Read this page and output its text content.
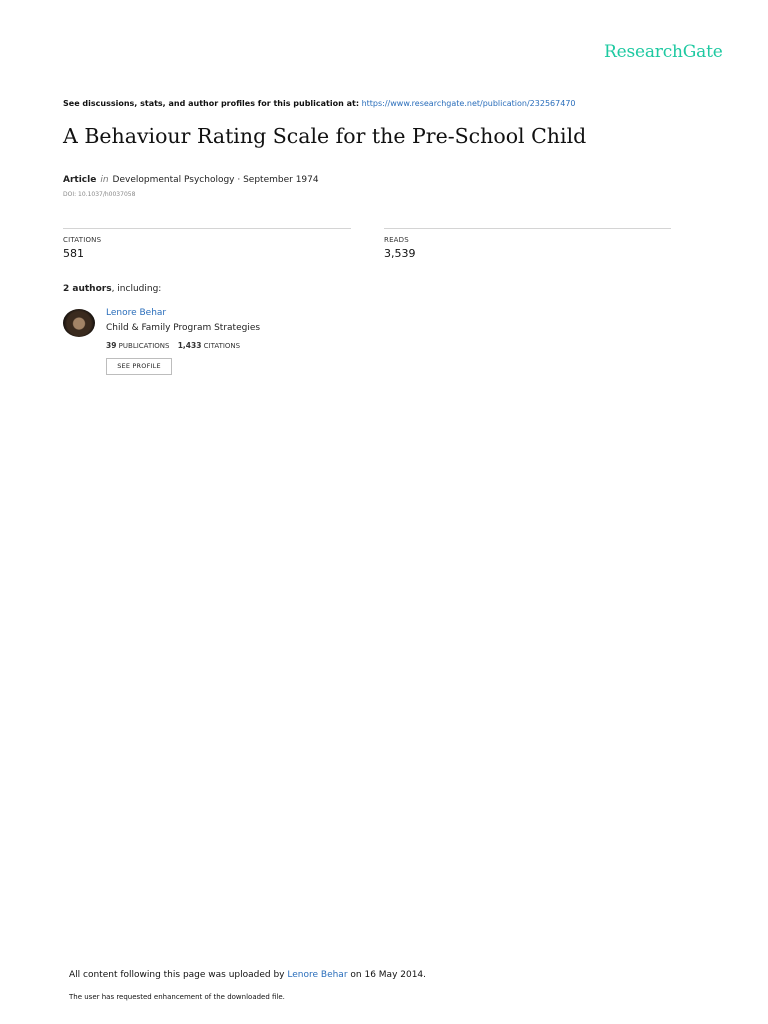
ResearchGate
See discussions, stats, and author profiles for this publication at: https://www.researchgate.net/publication/232567470
A Behaviour Rating Scale for the Pre-School Child
Article in Developmental Psychology · September 1974
DOI: 10.1037/h0037058
CITATIONS
581
READS
3,539
2 authors, including:
Lenore Behar
Child & Family Program Strategies
39 PUBLICATIONS 1,433 CITATIONS
SEE PROFILE
All content following this page was uploaded by Lenore Behar on 16 May 2014.
The user has requested enhancement of the downloaded file.
